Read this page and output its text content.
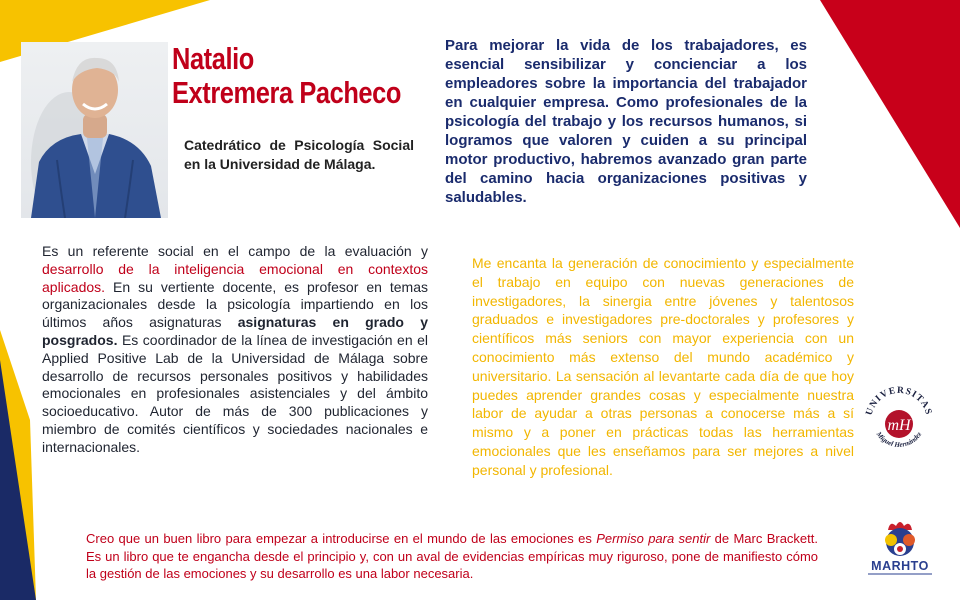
Natalio
Extremera Pacheco
Catedrático de Psicología Social en la Universidad de Málaga.
Para mejorar la vida de los trabajadores, es esencial sensibilizar y concienciar a los empleadores sobre la importancia del trabajador en cualquier empresa. Como profesionales de la psicología del trabajo y los recursos humanos, si logramos que valoren y cuiden a su principal motor productivo, habremos avanzado gran parte del camino hacia organizaciones positivas y saludables.
Es un referente social en el campo de la evaluación y desarrollo de la inteligencia emocional en contextos aplicados. En su vertiente docente, es profesor en temas organizacionales desde la psicología impartiendo en los últimos años asignaturas asignaturas en grado y posgrados. Es coordinador de la línea de investigación en el Applied Positive Lab de la Universidad de Málaga sobre desarrollo de recursos personales positivos y habilidades emocionales en profesionales asistenciales y del ámbito socioeducativo. Autor de más de 300 publicaciones y miembro de comités científicos y sociedades nacionales e internacionales.
Me encanta la generación de conocimiento y especialmente el trabajo en equipo con nuevas generaciones de investigadores, la sinergia entre jóvenes y talentosos graduados e investigadores pre-doctorales y profesores y científicos más seniors con mayor experiencia con un conocimiento más extenso del mundo académico y universitario. La sensación al levantarte cada día de que hoy puedes aprender grandes cosas y especialmente nuestra labor de ayudar a otras personas a conocerse más a sí mismo y a poner en prácticas todas las herramientas emocionales que les enseñamos para ser mejores a nivel personal y profesional.
UNIVERSITAS
Miguel Hernández
mH
Creo que un buen libro para empezar a introducirse en el mundo de las emociones es Permiso para sentir de Marc Brackett. Es un libro que te engancha desde el principio y, con un aval de evidencias empíricas muy riguroso, pone de manifiesto cómo la gestión de las emociones y su desarrollo es una labor necesaria.	MARHTO
